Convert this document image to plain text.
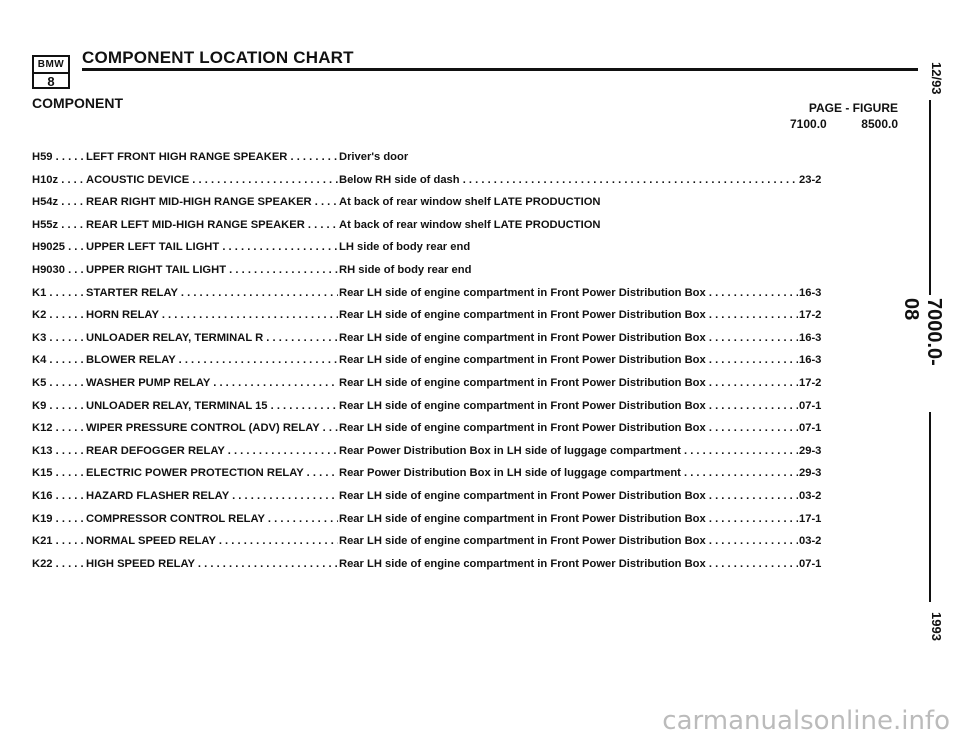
BMW
8
COMPONENT LOCATION CHART
COMPONENT	PAGE - FIGURE
7100.0	8500.0
H59 . . .	LEFT FRONT HIGH RANGE SPEAKER . . .	Driver's door
H10z . . .	ACOUSTIC DEVICE . . .	Below RH side of dash . . .	23-2
H54z . . .	REAR RIGHT MID-HIGH RANGE SPEAKER . . .	At back of rear window shelf LATE PRODUCTION
H55z . . .	REAR LEFT MID-HIGH RANGE SPEAKER . . .	At back of rear window shelf LATE PRODUCTION
H9025 . . .	UPPER LEFT TAIL LIGHT . . .	LH side of body rear end
H9030 . . .	UPPER RIGHT TAIL LIGHT . . .	RH side of body rear end
K1 . . .	STARTER RELAY . . .	Rear LH side of engine compartment in Front Power Distribution Box . . .	16-3
K2 . . .	HORN RELAY . . .	Rear LH side of engine compartment in Front Power Distribution Box . . .	17-2
K3 . . .	UNLOADER RELAY, TERMINAL R . . .	Rear LH side of engine compartment in Front Power Distribution Box . . .	16-3
K4 . . .	BLOWER RELAY . . .	Rear LH side of engine compartment in Front Power Distribution Box . . .	16-3
K5 . . .	WASHER PUMP RELAY . . .	Rear LH side of engine compartment in Front Power Distribution Box . . .	17-2
K9 . . .	UNLOADER RELAY, TERMINAL 15 . . .	Rear LH side of engine compartment in Front Power Distribution Box . . .	07-1
K12 . . .	WIPER PRESSURE CONTROL (ADV) RELAY . . .	Rear LH side of engine compartment in Front Power Distribution Box . . .	07-1
K13 . . .	REAR DEFOGGER RELAY . . .	Rear Power Distribution Box in LH side of luggage compartment . . .	29-3
K15 . . .	ELECTRIC POWER PROTECTION RELAY . . .	Rear Power Distribution Box in LH side of luggage compartment . . .	29-3
K16 . . .	HAZARD FLASHER RELAY . . .	Rear LH side of engine compartment in Front Power Distribution Box . . .	03-2
K19 . . .	COMPRESSOR CONTROL RELAY . . .	Rear LH side of engine compartment in Front Power Distribution Box . . .	17-1
K21 . . .	NORMAL SPEED RELAY . . .	Rear LH side of engine compartment in Front Power Distribution Box . . .	03-2
K22 . . .	HIGH SPEED RELAY . . .	Rear LH side of engine compartment in Front Power Distribution Box . . .	07-1
12/93
7000.0-08
1993
carmanualsonline.info
